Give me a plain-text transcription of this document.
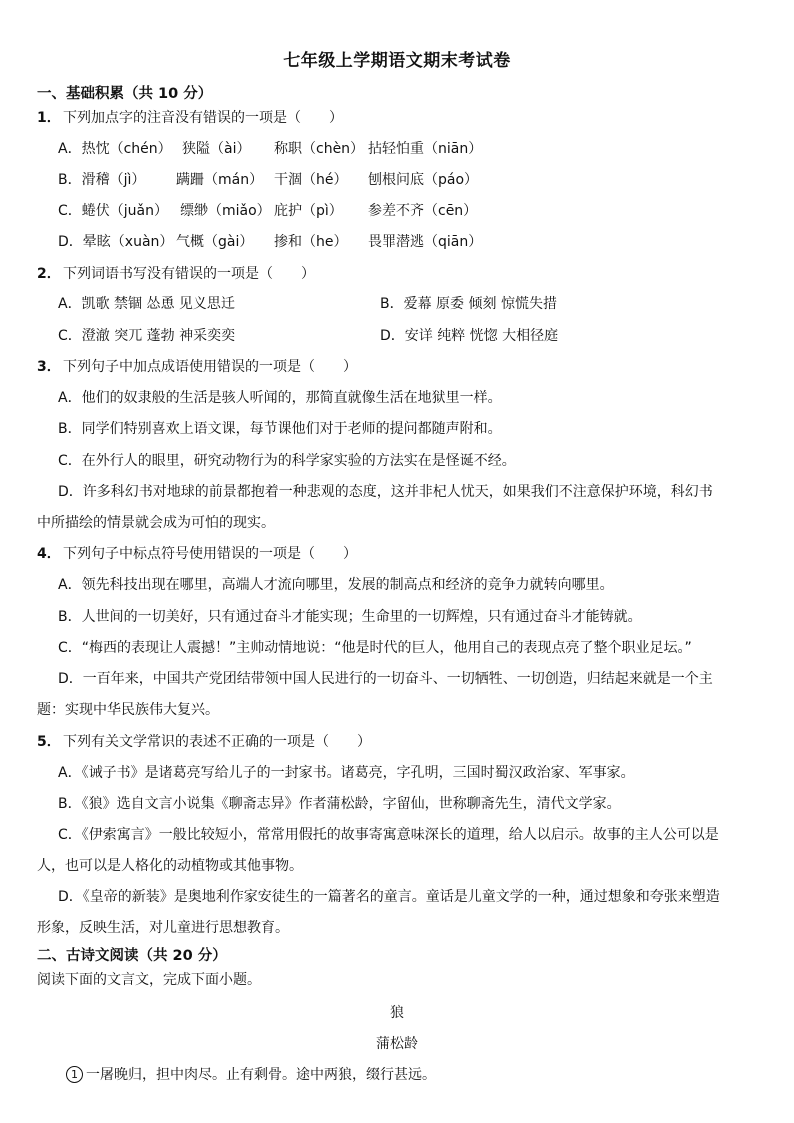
七年级上学期语文期末考试卷
一、基础积累（共 10 分）
1． 下列加点字的注音没有错误的一项是（　　）
A．热忱（chén） 狭隘（ài） 称职（chèn） 拈轻怕重（niān）
B．滑稽（jì） 蹒跚（mán） 干涸（hé） 刨根问底（páo）
C．蜷伏（juǎn） 缥缈（miǎo） 庇护（pì） 参差不齐（cēn）
D．晕眩（xuàn） 气概（gài） 掺和（he） 畏罪潜逃（qiān）
2． 下列词语书写没有错误的一项是（　　）
A．凯歌 禁锢 怂恿 见义思迁	B．爱幕 原委 倾刻 惊慌失措
C．澄澈 突兀 蓬勃 神采奕奕	D．安详 纯粹 恍惚 大相径庭
3． 下列句子中加点成语使用错误的一项是（　　）
A．他们的奴隶般的生活是骇人听闻的，那简直就像生活在地狱里一样。
B．同学们特别喜欢上语文课，每节课他们对于老师的提问都随声附和。
C．在外行人的眼里，研究动物行为的科学家实验的方法实在是怪诞不经。
D．许多科幻书对地球的前景都抱着一种悲观的态度，这并非杞人忧天，如果我们不注意保护环境，科幻书
中所描绘的情景就会成为可怕的现实。
4． 下列句子中标点符号使用错误的一项是（　　）
A．领先科技出现在哪里，高端人才流向哪里，发展的制高点和经济的竞争力就转向哪里。
B．人世间的一切美好，只有通过奋斗才能实现；生命里的一切辉煌，只有通过奋斗才能铸就。
C．“梅西的表现让人震撼！”主帅动情地说：“他是时代的巨人，他用自己的表现点亮了整个职业足坛。”
D．一百年来，中国共产党团结带领中国人民进行的一切奋斗、一切牺牲、一切创造，归结起来就是一个主
题：实现中华民族伟大复兴。
5． 下列有关文学常识的表述不正确的一项是（　　）
A．《诫子书》是诸葛亮写给儿子的一封家书。诸葛亮，字孔明，三国时蜀汉政治家、军事家。
B．《狼》选自文言小说集《聊斋志异》作者蒲松龄，字留仙，世称聊斋先生，清代文学家。
C．《伊索寓言》一般比较短小，常常用假托的故事寄寓意味深长的道理，给人以启示。故事的主人公可以是
人，也可以是人格化的动植物或其他事物。
D．《皇帝的新装》是奥地利作家安徒生的一篇著名的童言。童话是儿童文学的一种，通过想象和夸张来塑造
形象，反映生活，对儿童进行思想教育。
二、古诗文阅读（共 20 分）
阅读下面的文言文，完成下面小题。
狼
蒲松龄
1 一屠晚归，担中肉尽。止有剩骨。途中两狼，缀行甚远。
